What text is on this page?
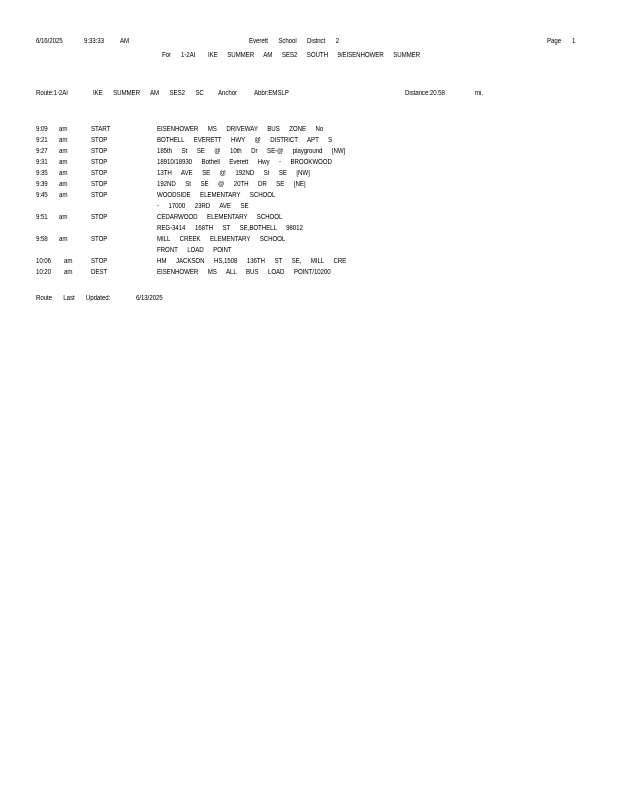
6/16/2025	9:33:33 AM	Everett School District 2	Page 1
For 1-2AI IKE SUMMER AM SES2 SOUTH 9/EISENHOWER SUMMER
Route:1-2AI	IKE SUMMER AM SES2 SC Anchor Abbr:EMSLP	Distance:20.58	mi.
9:09 am	START	EISENHOWER MS DRIVEWAY BUS ZONE No
9:21 am	STOP	BOTHELL EVERETT HWY @ DISTRICT APT S
9:27 am	STOP	185th St SE @ 10th Dr SE-@ playground [NW]
9:31 am	STOP	18910/18930 Bothell Everett Hwy - BROOKWOOD
9:35 am	STOP	13TH AVE SE @ 192ND St SE [NW]
9:39 am	STOP	192ND St SE @ 20TH DR SE [NE]
9:45 am	STOP	WOODSIDE ELEMENTARY SCHOOL
- 17000 23RD AVE SE
9:51 am	STOP	CEDARWOOD ELEMENTARY SCHOOL
REG-3414 168TH ST SE,BOTHELL 98012
9:58 am	STOP	MILL CREEK ELEMENTARY SCHOOL
FRONT LOAD POINT
10:06 am	STOP	HM JACKSON HS,1508 136TH ST SE, MILL CRE
10:20 am	DEST	EISENHOWER MS ALL BUS LOAD POINT/10200
Route Last Updated:	6/13/2025
